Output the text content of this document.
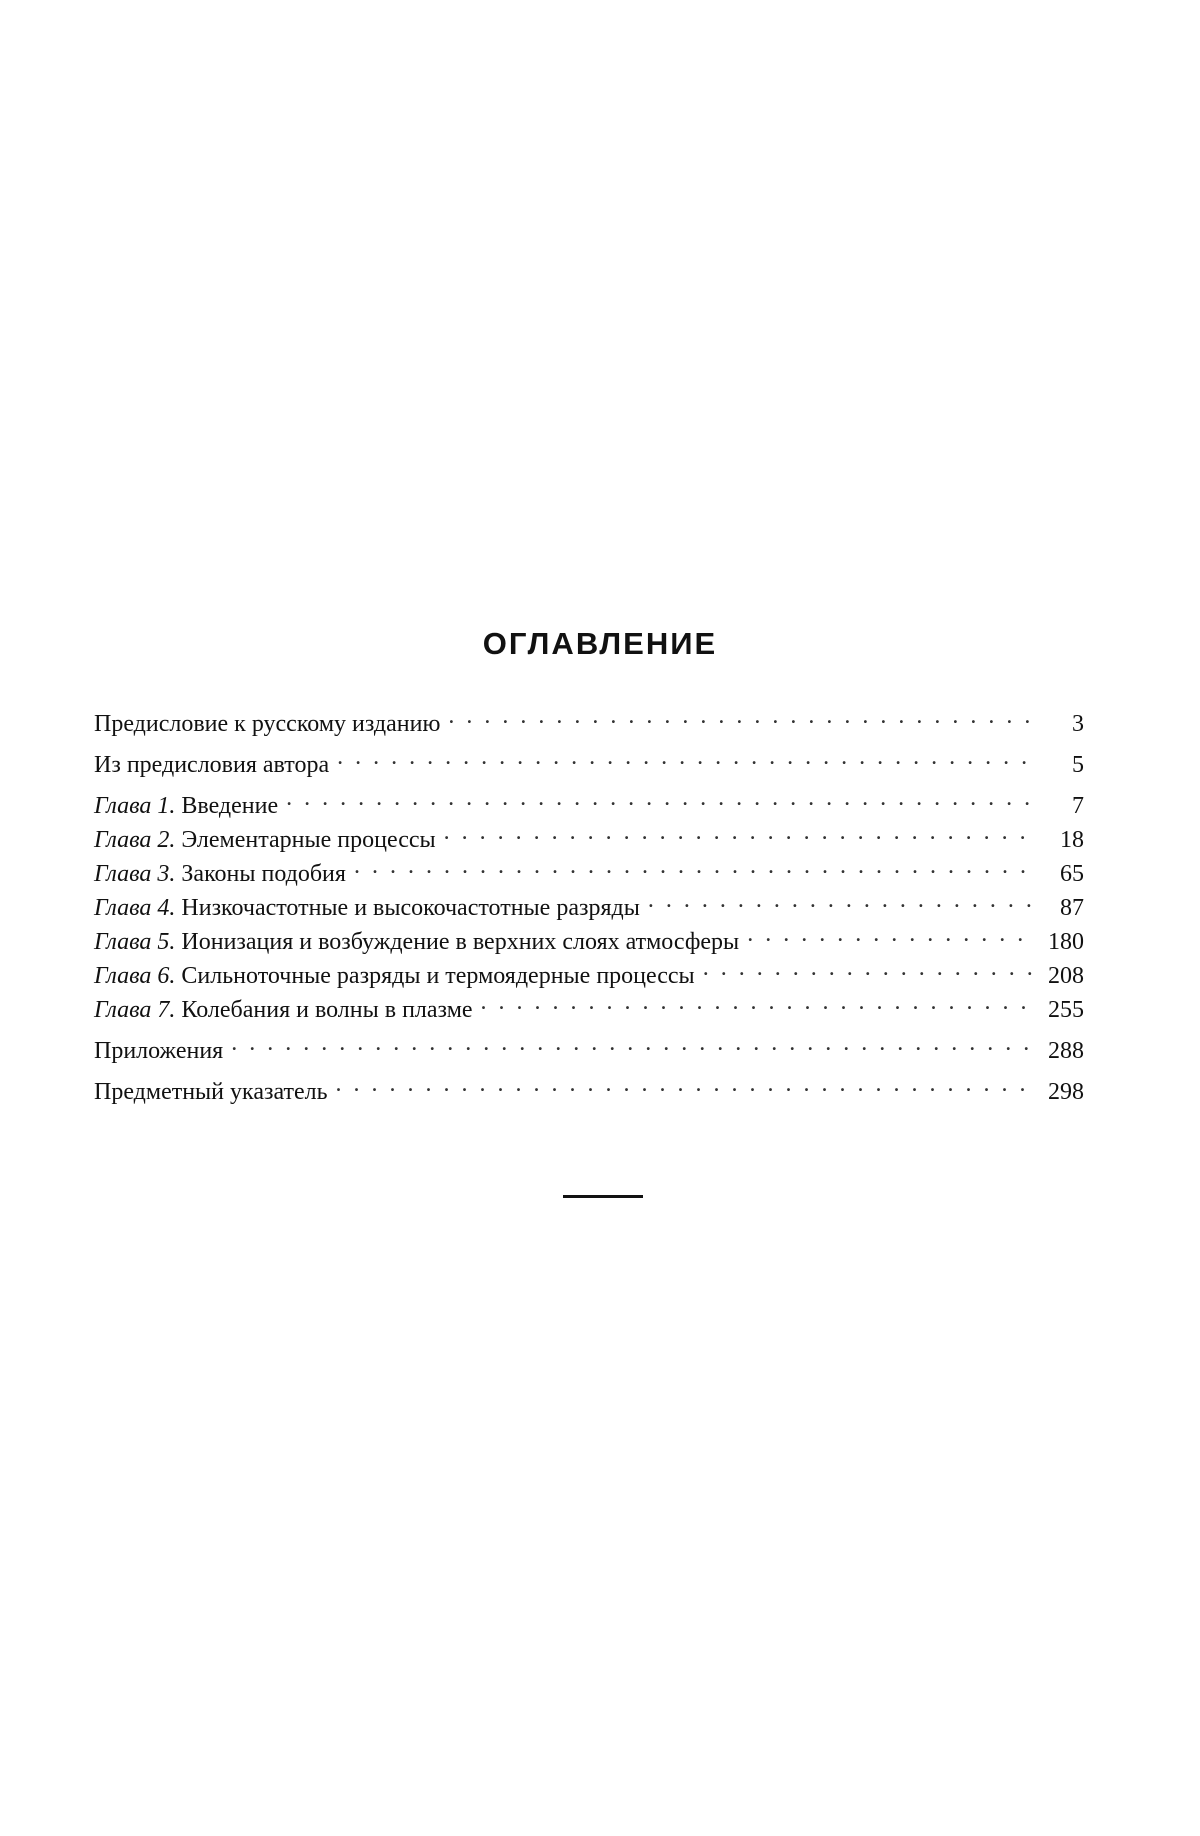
ОГЛАВЛЕНИЕ
Предисловие к русскому изданию . . .	3
Из предисловия автора . . .	5
Глава 1. Введение . . .	7
Глава 2. Элементарные процессы . . .	18
Глава 3. Законы подобия . . .	65
Глава 4. Низкочастотные и высокочастотные разряды . . .	87
Глава 5. Ионизация и возбуждение в верхних слоях атмосферы . . .	180
Глава 6. Сильноточные разряды и термоядерные процессы . . .	208
Глава 7. Колебания и волны в плазме . . .	255
Приложения . . .	288
Предметный указатель . . .	298
